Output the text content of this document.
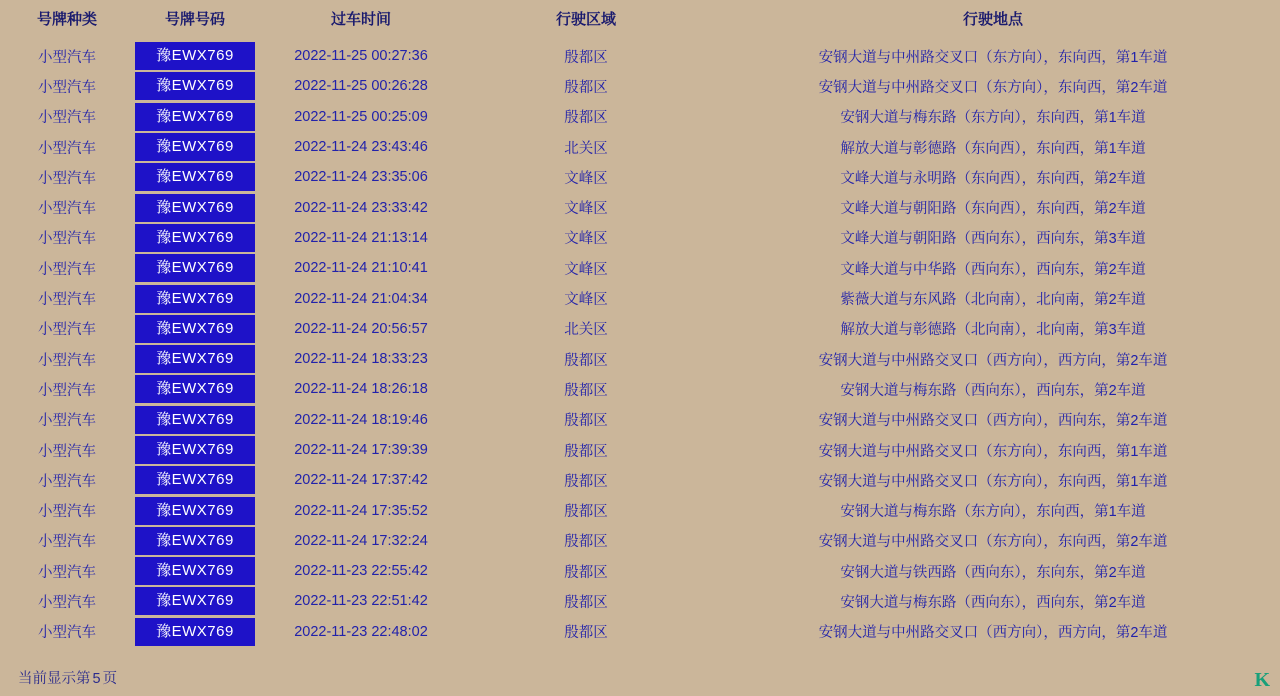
号牌种类	号牌号码	过车时间	行驶区域	行驶地点
小型汽车	豫EWX769	2022-11-25 00:27:36	殷都区	安钢大道与中州路交叉口（东方向），东向西，第1车道
小型汽车	豫EWX769	2022-11-25 00:26:28	殷都区	安钢大道与中州路交叉口（东方向），东向西，第2车道
小型汽车	豫EWX769	2022-11-25 00:25:09	殷都区	安钢大道与梅东路（东方向），东向西，第1车道
小型汽车	豫EWX769	2022-11-24 23:43:46	北关区	解放大道与彰德路（东向西），东向西，第1车道
小型汽车	豫EWX769	2022-11-24 23:35:06	文峰区	文峰大道与永明路（东向西），东向西，第2车道
小型汽车	豫EWX769	2022-11-24 23:33:42	文峰区	文峰大道与朝阳路（东向西），东向西，第2车道
小型汽车	豫EWX769	2022-11-24 21:13:14	文峰区	文峰大道与朝阳路（西向东），西向东，第3车道
小型汽车	豫EWX769	2022-11-24 21:10:41	文峰区	文峰大道与中华路（西向东），西向东，第2车道
小型汽车	豫EWX769	2022-11-24 21:04:34	文峰区	紫薇大道与东风路（北向南），北向南，第2车道
小型汽车	豫EWX769	2022-11-24 20:56:57	北关区	解放大道与彰德路（北向南），北向南，第3车道
小型汽车	豫EWX769	2022-11-24 18:33:23	殷都区	安钢大道与中州路交叉口（西方向），西方向，第2车道
小型汽车	豫EWX769	2022-11-24 18:26:18	殷都区	安钢大道与梅东路（西向东），西向东，第2车道
小型汽车	豫EWX769	2022-11-24 18:19:46	殷都区	安钢大道与中州路交叉口（西方向），西向东，第2车道
小型汽车	豫EWX769	2022-11-24 17:39:39	殷都区	安钢大道与中州路交叉口（东方向），东向西，第1车道
小型汽车	豫EWX769	2022-11-24 17:37:42	殷都区	安钢大道与中州路交叉口（东方向），东向西，第1车道
小型汽车	豫EWX769	2022-11-24 17:35:52	殷都区	安钢大道与梅东路（东方向），东向西，第1车道
小型汽车	豫EWX769	2022-11-24 17:32:24	殷都区	安钢大道与中州路交叉口（东方向），东向西，第2车道
小型汽车	豫EWX769	2022-11-23 22:55:42	殷都区	安钢大道与铁西路（西向东），东向东，第2车道
小型汽车	豫EWX769	2022-11-23 22:51:42	殷都区	安钢大道与梅东路（西向东），西向东，第2车道
小型汽车	豫EWX769	2022-11-23 22:48:02	殷都区	安钢大道与中州路交叉口（西方向），西方向，第2车道
当前显示第 5 页	K
